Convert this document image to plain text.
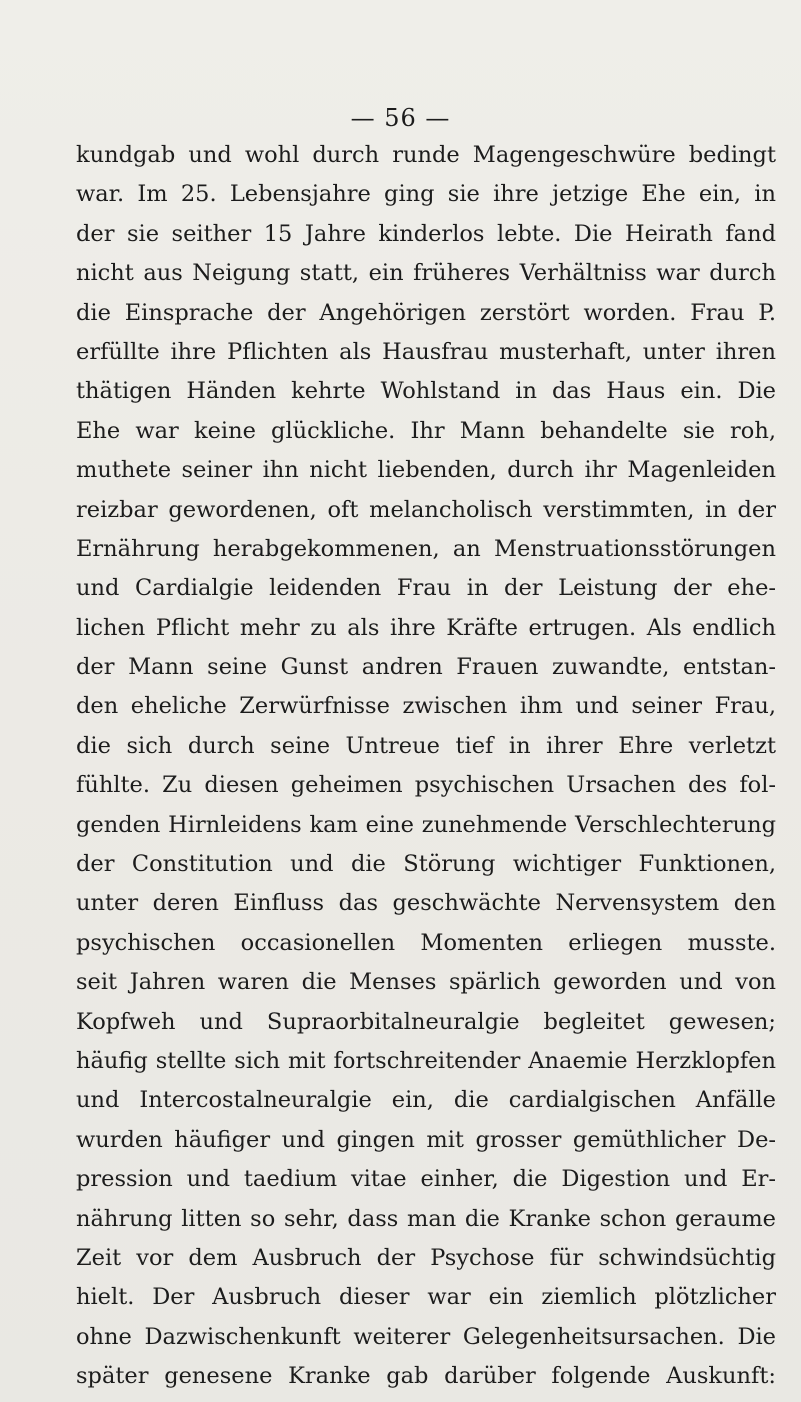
— 56 —
kundgab und wohl durch runde Magengeschwüre bedingt
war. Im 25. Lebensjahre ging sie ihre jetzige Ehe ein, in
der sie seither 15 Jahre kinderlos lebte. Die Heirath fand
nicht aus Neigung statt, ein früheres Verhältniss war durch
die Einsprache der Angehörigen zerstört worden. Frau P.
erfüllte ihre Pflichten als Hausfrau musterhaft, unter ihren
thätigen Händen kehrte Wohlstand in das Haus ein. Die
Ehe war keine glückliche. Ihr Mann behandelte sie roh,
muthete seiner ihn nicht liebenden, durch ihr Magenleiden
reizbar gewordenen, oft melancholisch verstimmten, in der
Ernährung herabgekommenen, an Menstruationsstörungen
und Cardialgie leidenden Frau in der Leistung der ehe-
lichen Pflicht mehr zu als ihre Kräfte ertrugen. Als endlich
der Mann seine Gunst andren Frauen zuwandte, entstan-
den eheliche Zerwürfnisse zwischen ihm und seiner Frau,
die sich durch seine Untreue tief in ihrer Ehre verletzt
fühlte. Zu diesen geheimen psychischen Ursachen des fol-
genden Hirnleidens kam eine zunehmende Verschlechterung
der Constitution und die Störung wichtiger Funktionen,
unter deren Einfluss das geschwächte Nervensystem den
psychischen occasionellen Momenten erliegen musste.
seit Jahren waren die Menses spärlich geworden und von
Kopfweh und Supraorbitalneuralgie begleitet gewesen;
häufig stellte sich mit fortschreitender Anaemie Herzklopfen
und Intercostalneuralgie ein, die cardialgischen Anfälle
wurden häufiger und gingen mit grosser gemüthlicher De-
pression und taedium vitae einher, die Digestion und Er-
nährung litten so sehr, dass man die Kranke schon geraume
Zeit vor dem Ausbruch der Psychose für schwindsüchtig
hielt. Der Ausbruch dieser war ein ziemlich plötzlicher
ohne Dazwischenkunft weiterer Gelegenheitsursachen. Die
später genesene Kranke gab darüber folgende Auskunft:
